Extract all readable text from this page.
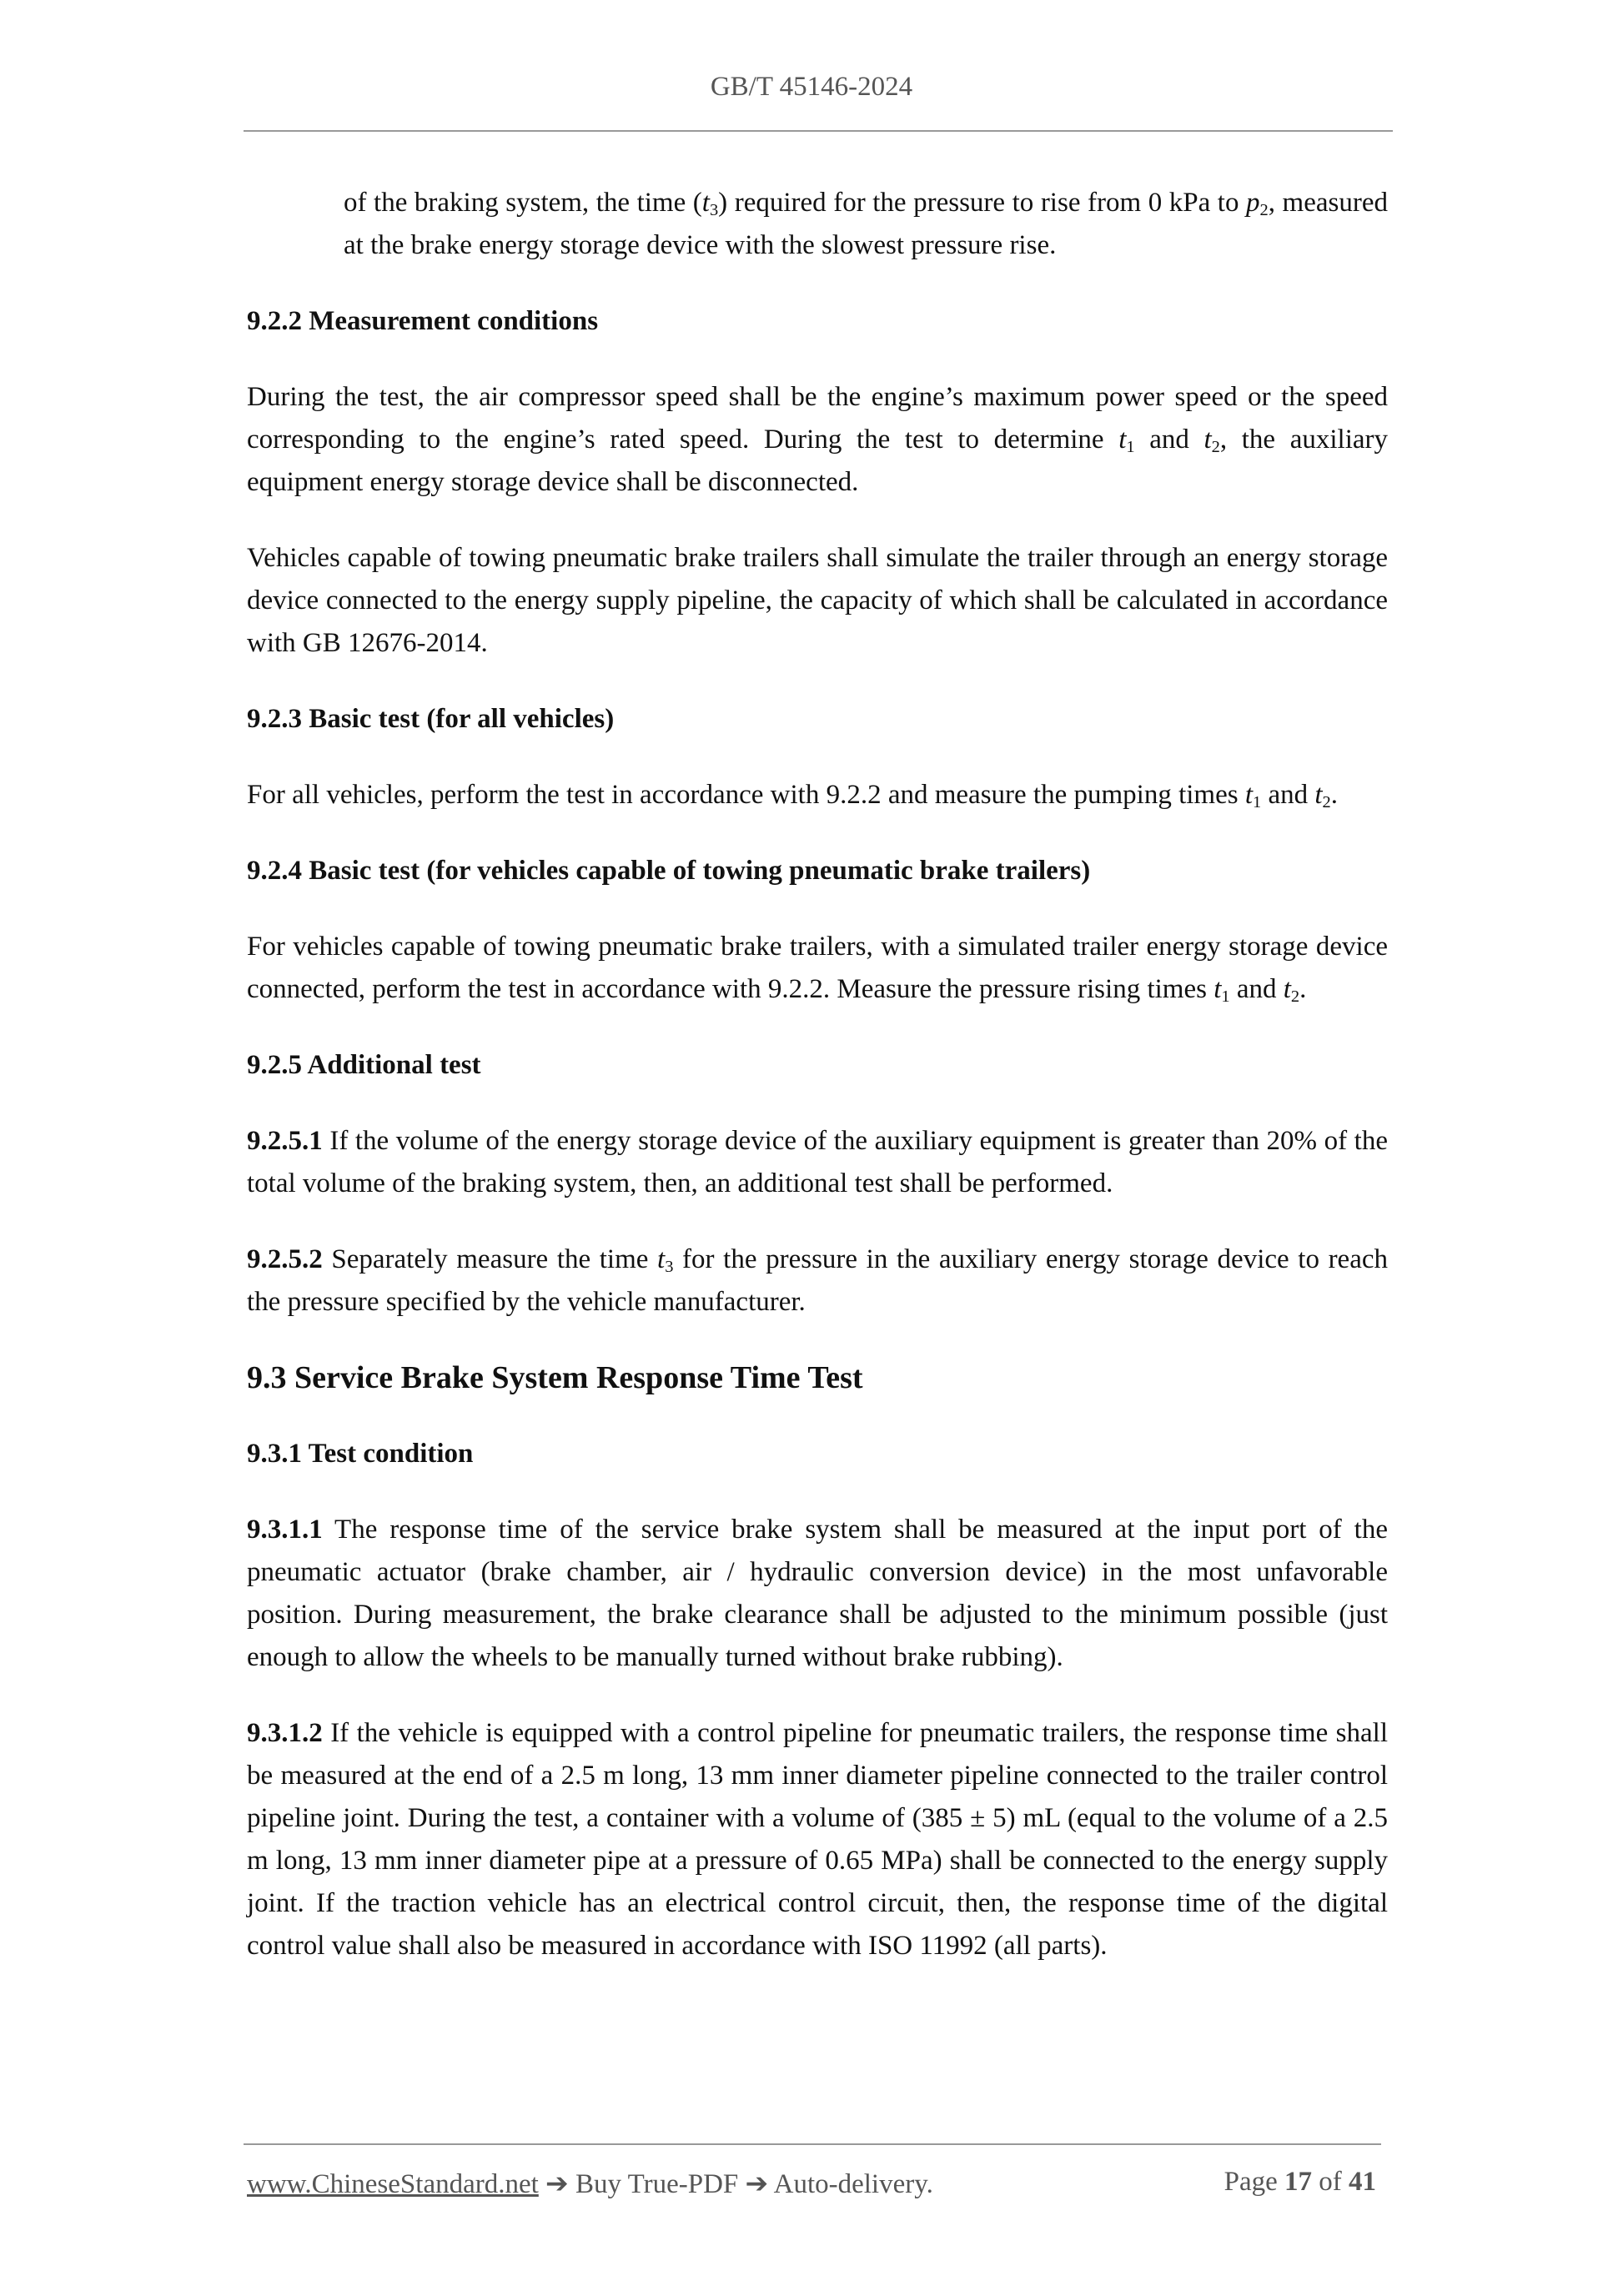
GB/T 45146-2024
of the braking system, the time $(t_3)$ required for the pressure to rise from 0 kPa to $p_2$, measured at the brake energy storage device with the slowest pressure rise.
9.2.2 Measurement conditions
During the test, the air compressor speed shall be the engine’s maximum power speed or the speed corresponding to the engine’s rated speed. During the test to determine $t_1$ and $t_2$, the auxiliary equipment energy storage device shall be disconnected.
Vehicles capable of towing pneumatic brake trailers shall simulate the trailer through an energy storage device connected to the energy supply pipeline, the capacity of which shall be calculated in accordance with GB 12676-2014.
9.2.3 Basic test (for all vehicles)
For all vehicles, perform the test in accordance with 9.2.2 and measure the pumping times $t_1$ and $t_2$.
9.2.4 Basic test (for vehicles capable of towing pneumatic brake trailers)
For vehicles capable of towing pneumatic brake trailers, with a simulated trailer energy storage device connected, perform the test in accordance with 9.2.2. Measure the pressure rising times $t_1$ and $t_2$.
9.2.5 Additional test
9.2.5.1 If the volume of the energy storage device of the auxiliary equipment is greater than 20% of the total volume of the braking system, then, an additional test shall be performed.
9.2.5.2 Separately measure the time $t_3$ for the pressure in the auxiliary energy storage device to reach the pressure specified by the vehicle manufacturer.
9.3 Service Brake System Response Time Test
9.3.1 Test condition
9.3.1.1 The response time of the service brake system shall be measured at the input port of the pneumatic actuator (brake chamber, air / hydraulic conversion device) in the most unfavorable position. During measurement, the brake clearance shall be adjusted to the minimum possible (just enough to allow the wheels to be manually turned without brake rubbing).
9.3.1.2 If the vehicle is equipped with a control pipeline for pneumatic trailers, the response time shall be measured at the end of a 2.5 m long, 13 mm inner diameter pipeline connected to the trailer control pipeline joint. During the test, a container with a volume of (385 ± 5) mL (equal to the volume of a 2.5 m long, 13 mm inner diameter pipe at a pressure of 0.65 MPa) shall be connected to the energy supply joint. If the traction vehicle has an electrical control circuit, then, the response time of the digital control value shall also be measured in accordance with ISO 11992 (all parts).
www.ChineseStandard.net ➔ Buy True-PDF ➔ Auto-delivery.	Page 17 of 41
